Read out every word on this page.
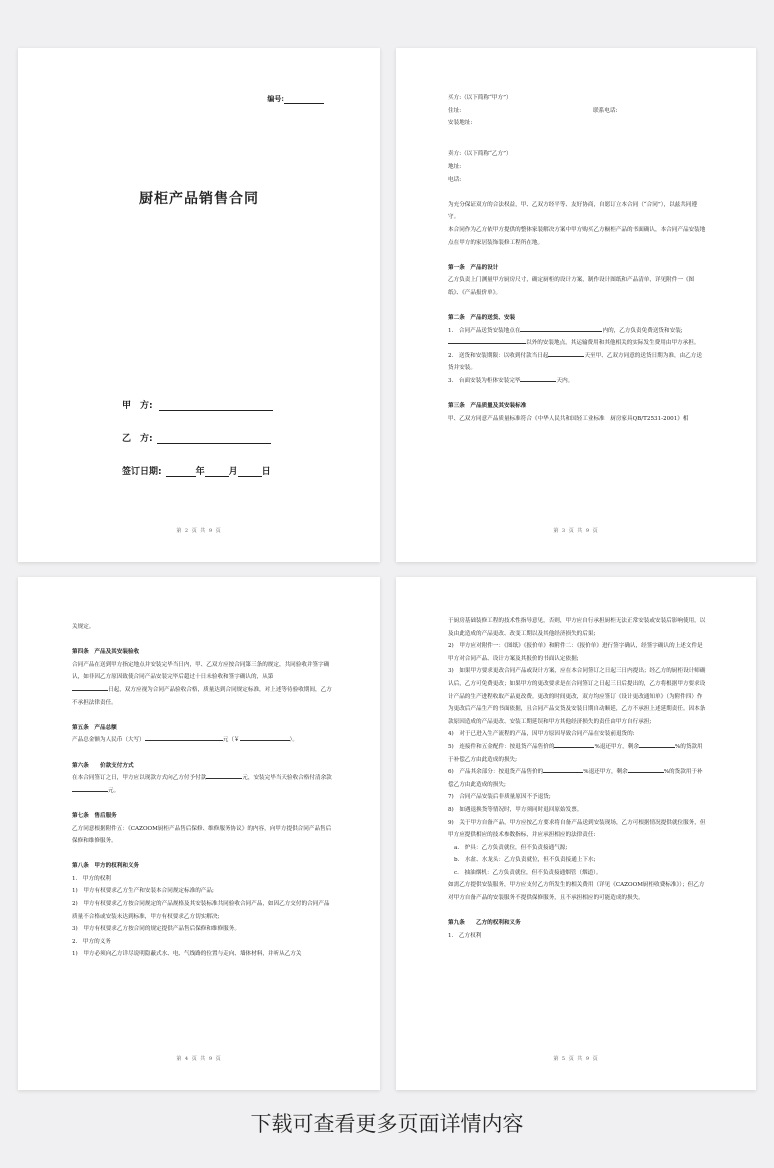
编号:
厨柜产品销售合同
甲　方:
乙　方:
签订日期:	年	月	日
第 2 页 共 9 页

买方:（以下简称“甲方”）

住址:	联系电话:

安装地址:

卖方:（以下简称“乙方”）

地址:

电话:

为充分保证双方的合法权益，甲、乙双方经平等、友好协商，自愿订立本合同（“合同”），以兹共同遵守。

本合同作为乙方依甲方提供的整体家装解决方案中甲方购买乙方橱柜产品的书面确认，本合同产品安装地点在甲方的家居装饰装修工程所在地。

第一条　产品的设计

乙方负责上门测量甲方厨房尺寸，确定厨柜的设计方案，制作设计图纸和产品清单，详见附件一《图纸》、《产品报价单》。

第二条　产品的送货、安装

1.　合同产品送货安装地点在	内的，乙方负责免费送货和安装;

以外的安装地点，其运输费用和其他相关的实际发生费用由甲方承担。

2.　送货和安装期限：以收到付款当日起	天至甲、乙双方同意的送货日期为准，由乙方送货并安装。

3.　台面安装为柜体安装完毕	天内。

第三条　产品质量及其安装标准

甲、乙双方同意产品质量标准符合《中华人民共和国轻工业标准　厨房家具QB/T2531-2001》相

第 3 页 共 9 页

关规定。

第四条　产品及其安装验收

合同产品在送到甲方指定地点并安装完毕当日内，甲、乙双方应按合同第三条的规定，共同验收并签字确认，如非因乙方原因致使合同产品安装完毕后超过十日未验收和签字确认的，从第

日起，双方应视为合同产品验收合格，质量达到合同规定标准，对上述等待验收期间，乙方不承担法律责任。

第五条　产品总额

产品总金额为人民币（大写）	元（￥	）。

第六条　　价款支付方式

在本合同签订之日，甲方应以现款方式向乙方付予付款	元，安装完毕当天验收合格付清余款元。

第七条　售后服务

乙方同意根据附件五：《CAZOOM厨柜产品售后保修、维修服务协议》的内容，向甲方提供合同产品售后保修和维修服务。

第八条　甲方的权利和义务

1.　甲方的权利

1)　甲方有权要求乙方生产和安装本合同规定标准的产品;

2)　甲方有权要求乙方按合同规定的产品规格及其安装标准共同验收合同产品，如因乙方交付的合同产品质量不合格或安装未达到标准，甲方有权要求乙方切实解决;

3)　甲方有权要求乙方按合同的规定提供产品售后保修和维修服务。

2.　甲方的义务

1)　甲方必须向乙方详尽说明隐蔽式水、电、气线路的位置与走向、墙体材料，并听从乙方关

第 4 页 共 9 页

于厨房基础装修工程的技术性指导意见，否则，甲方应自行承担厨柜无法正常安装或安装后影响使用，以及由此造成的产品更改、改变工期以及其他经济损失的后果;

2)　甲方应对附件一：《图纸》《报价单》和附件二：《报价单》进行签字确认，经签字确认的上述文件是甲方对合同产品、设计方案及其报价的书面认定依据;

3)　如果甲方要求更改合同产品或设计方案，应在本合同签订之日起三日内提出；经乙方的厨柜设计师确认后，乙方可免费更改；如果甲方的更改要求是在合同签订之日起三日后提出的，乙方将根据甲方要求设计产品的生产进程收取产品更改费。更改的时间更改，双方均应签订《设计更改通知单》（为附件四）作为更改后产品生产的书面依据，且合同产品交货及安装日期自动顺延，乙方不承担上述延期责任。因本条款原因造成的产品更改、安装工期延误和甲方其他经济损失的责任由甲方自行承担;

4)　对于已进入生产流程的产品，因甲方原因导致合同产品在安装前退货的:

5)　连接件和五金配件：按退货产品售价的	%退还甲方，剩余	%的货款用于补偿乙方由此造成的损失;

6)　产品其余部分：按退货产品售价的	%退还甲方，剩余	%的货款用于补偿乙方由此造成的损失;

7)　合同产品安装后非质量原因不予退货;

8)　如遇退换货等情况时，甲方须同时退回原始发票。

9)　关于甲方自备产品，甲方应按乙方要求将自备产品送到安装现场，乙方可根据情况提供就位服务，但甲方应提供相应的技术参数指标，并应承担相应的法律责任:

a.　炉具：乙方负责就位，但不负责接通气源;

b.　水盆、水龙头：乙方负责就位，但不负责接通上下水;

c.　抽油烟机：乙方负责就位，但不负责接通烟管（烟道）。

如需乙方提供安装服务，甲方应支付乙方所发生的相关费用（详见《CAZOOM厨柜收费标准》）；但乙方对甲方自备产品的安装服务不提供保修服务，且不承担相应的可能造成的损失。

第九条　　乙方的权利和义务

1.　乙方权利

第 5 页 共 9 页
下载可查看更多页面详情内容
